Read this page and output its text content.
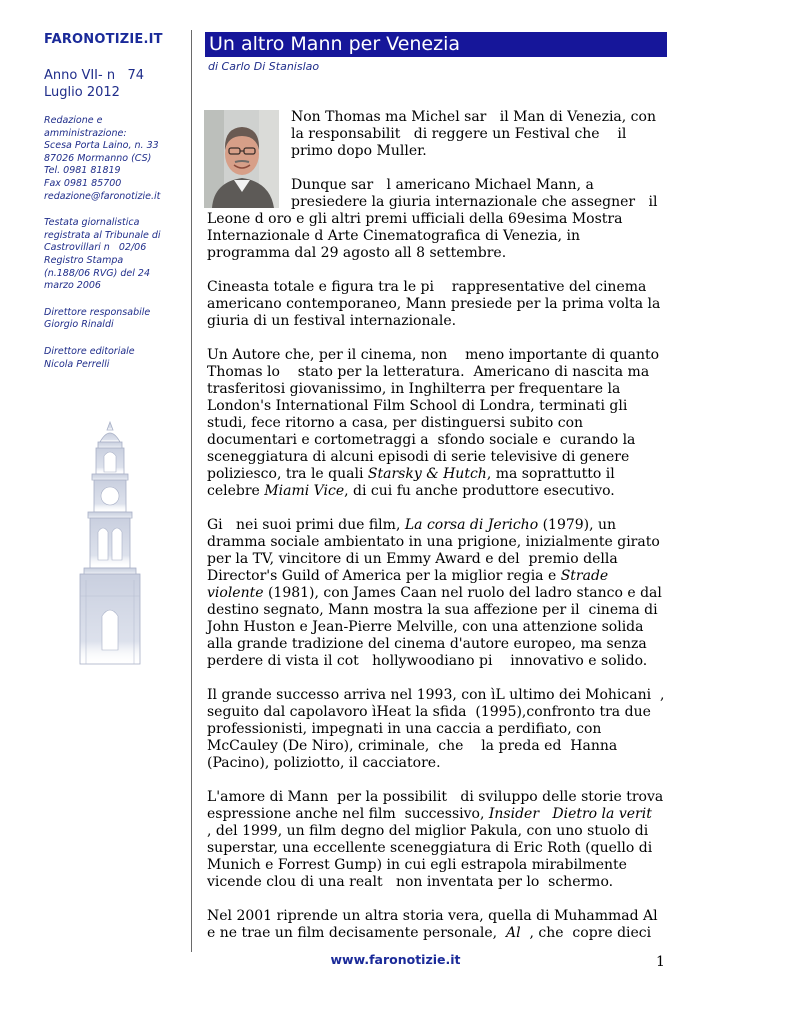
FARONOTIZIE.IT
Anno VII- n   74
Luglio 2012
Redazione e
amministrazione:
Scesa Porta Laino, n. 33
87026 Mormanno (CS)
Tel. 0981 81819
Fax 0981 85700
redazione@faronotizie.it
Testata giornalistica
registrata al Tribunale di
Castrovillari n   02/06
Registro Stampa
(n.188/06 RVG) del 24
marzo 2006
Direttore responsabile
Giorgio Rinaldi
Direttore editoriale
Nicola Perrelli
Un altro Mann per Venezia
di Carlo Di Stanislao

Non Thomas ma Michel sar   il Man di Venezia, con la responsabilit   di reggere un Festival che    il primo dopo Muller.

Dunque sar   l americano Michael Mann, a presiedere la giuria internazionale che assegner   il Leone d oro e gli altri premi ufficiali della 69esima Mostra Internazionale d Arte Cinematografica di Venezia, in programma dal 29 agosto all 8 settembre.

Cineasta totale e figura tra le pi    rappresentative del cinema americano contemporaneo, Mann presiede per la prima volta la giuria di un festival internazionale.

Un Autore che, per il cinema, non    meno importante di quanto Thomas lo    stato per la letteratura.  Americano di nascita ma trasferitosi giovanissimo, in Inghilterra per frequentare la London's International Film School di Londra, terminati gli studi, fece ritorno a casa, per distinguersi subito con documentari e cortometraggi a  sfondo sociale e  curando la sceneggiatura di alcuni episodi di serie televisive di genere poliziesco, tra le quali Starsky & Hutch, ma soprattutto il celebre Miami Vice, di cui fu anche produttore esecutivo.

Gi   nei suoi primi due film, La corsa di Jericho (1979), un dramma sociale ambientato in una prigione, inizialmente girato per la TV, vincitore di un Emmy Award e del  premio della Director's Guild of America per la miglior regia e Strade violente (1981), con James Caan nel ruolo del ladro stanco e dal destino segnato, Mann mostra la sua affezione per il  cinema di John Huston e Jean-Pierre Melville, con una attenzione solida alla grande tradizione del cinema d'autore europeo, ma senza perdere di vista il cot   hollywoodiano pi    innovativo e solido.

Il grande successo arriva nel 1993, con ìL ultimo dei Mohicani  , seguito dal capolavoro ìHeat la sfida  (1995),confronto tra due professionisti, impegnati in una caccia a perdifiato, con McCauley (De Niro), criminale,  che    la preda ed  Hanna (Pacino), poliziotto, il cacciatore.

L'amore di Mann  per la possibilit   di sviluppo delle storie trova espressione anche nel film  successivo, Insider   Dietro la verit  , del 1999, un film degno del miglior Pakula, con uno stuolo di superstar, una eccellente sceneggiatura di Eric Roth (quello di Munich e Forrest Gump) in cui egli estrapola mirabilmente vicende clou di una realt   non inventata per lo  schermo.

Nel 2001 riprende un altra storia vera, quella di Muhammad Al   e ne trae un film decisamente personale,  Al  , che  copre dieci

www.faronotizie.it	1
